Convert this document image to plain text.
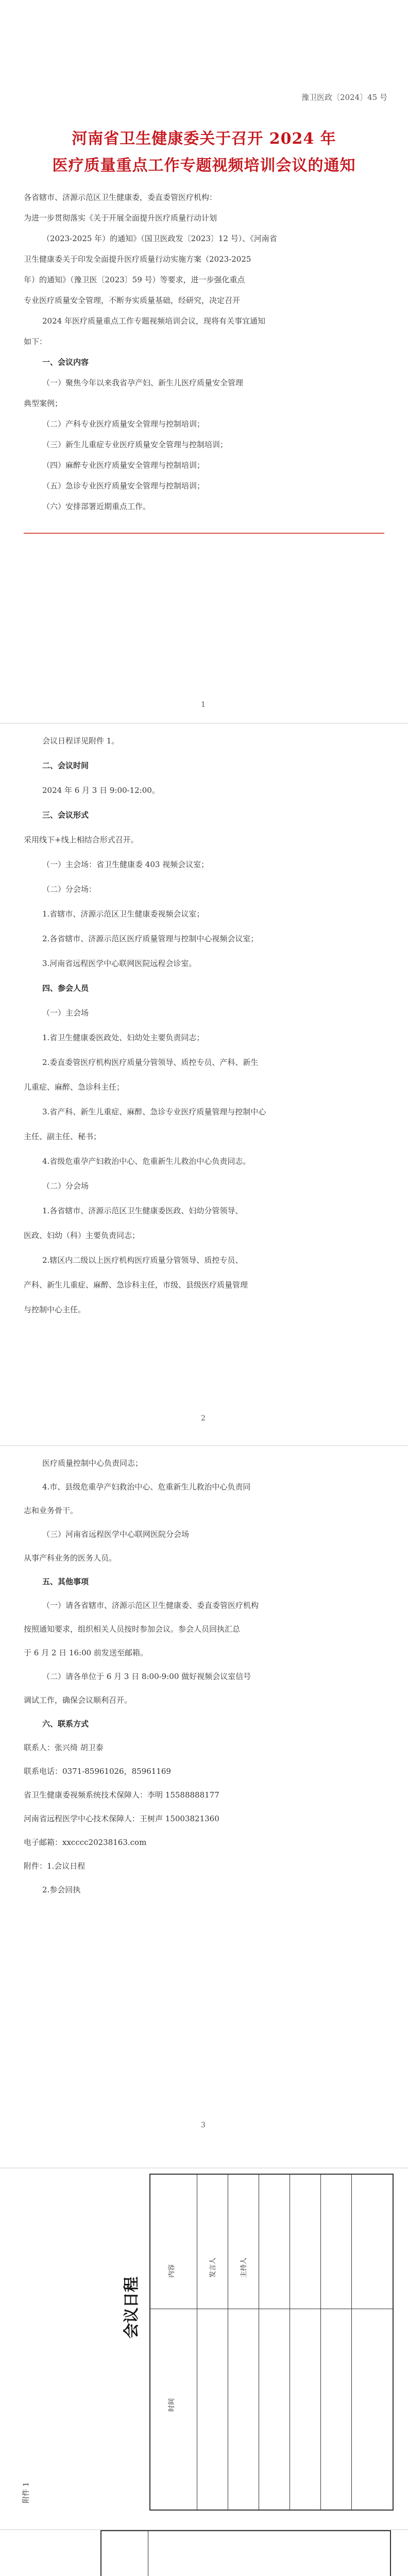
豫卫医政〔2024〕45 号
河南省卫生健康委关于召开 2024 年
医疗质量重点工作专题视频培训会议的通知
各省辖市、济源示范区卫生健康委，委直委管医疗机构：
为进一步贯彻落实《关于开展全面提升医疗质量行动计划
（2023-2025 年）的通知》（国卫医政发〔2023〕12 号）、《河南省
卫生健康委关于印发全面提升医疗质量行动实施方案（2023-2025
年）的通知》（豫卫医〔2023〕59 号）等要求，进一步强化重点
专业医疗质量安全管理，不断夯实质量基础，经研究，决定召开
2024 年医疗质量重点工作专题视频培训会议，现将有关事宜通知
如下：
一、会议内容
（一）聚焦今年以来我省孕产妇、新生儿医疗质量安全管理
典型案例；
（二）产科专业医疗质量安全管理与控制培训；
（三）新生儿重症专业医疗质量安全管理与控制培训；
（四）麻醉专业医疗质量安全管理与控制培训；
（五）急诊专业医疗质量安全管理与控制培训；
（六）安排部署近期重点工作。
1
会议日程详见附件 1。
二、会议时间
2024 年 6 月 3 日 9:00-12:00。
三、会议形式
采用线下+线上相结合形式召开。
（一）主会场：省卫生健康委 403 视频会议室；
（二）分会场：
1.省辖市、济源示范区卫生健康委视频会议室；
2.各省辖市、济源示范区医疗质量管理与控制中心视频会议室；
3.河南省远程医学中心联网医院远程会诊室。
四、参会人员
（一）主会场
1.省卫生健康委医政处、妇幼处主要负责同志；
2.委直委管医疗机构医疗质量分管领导、质控专员、产科、新生
儿重症、麻醉、急诊科主任；
3.省产科、新生儿重症、麻醉、急诊专业医疗质量管理与控制中心
主任、副主任、秘书；
4.省级危重孕产妇救治中心、危重新生儿救治中心负责同志。
（二）分会场
1.各省辖市、济源示范区卫生健康委医政、妇幼分管领导、
医政、妇幼（科）主要负责同志；
2.辖区内二级以上医疗机构医疗质量分管领导、质控专员、
产科、新生儿重症、麻醉、急诊科主任，市级、县级医疗质量管理
与控制中心主任。
2
医疗质量控制中心负责同志；
4.市、县级危重孕产妇救治中心、危重新生儿救治中心负责同
志和业务骨干。
（三）河南省远程医学中心联网医院分会场
从事产科业务的医务人员。
五、其他事项
（一）请各省辖市、济源示范区卫生健康委、委直委管医疗机构
按照通知要求，组织相关人员按时参加会议。参会人员回执汇总
于 6 月 2 日 16:00 前发送至邮箱。
（二）请各单位于 6 月 3 日 8:00-9:00 做好视频会议室信号
调试工作，确保会议顺利召开。
六、联系方式
联系人：张兴绮 胡卫泰
联系电话：0371-85961026，85961169
省卫生健康委视频系统技术保障人：李明 15588888177
河南省远程医学中心技术保障人：王树声 15003821360
电子邮箱：xxcccc20238163.com
附件：1.会议日程
2.参会回执
3
附件 1
会议日程
时间
内容	发言人	主持人
